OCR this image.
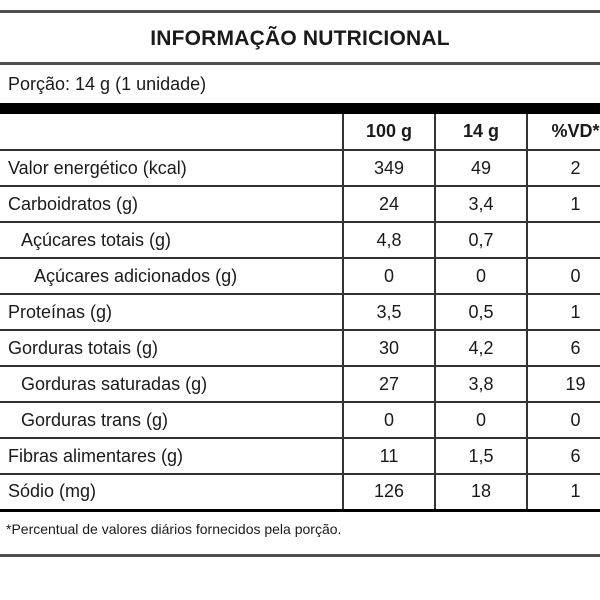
INFORMAÇÃO NUTRICIONAL
Porção: 14 g (1 unidade)
	100 g	14 g	%VD*
Valor energético (kcal)	349	49	2
Carboidratos (g)	24	3,4	1
Açúcares totais (g)	4,8	0,7	
Açúcares adicionados (g)	0	0	0
Proteínas (g)	3,5	0,5	1
Gorduras totais (g)	30	4,2	6
Gorduras saturadas (g)	27	3,8	19
Gorduras trans (g)	0	0	0
Fibras alimentares (g)	11	1,5	6
Sódio (mg)	126	18	1
*Percentual de valores diários fornecidos pela porção.
